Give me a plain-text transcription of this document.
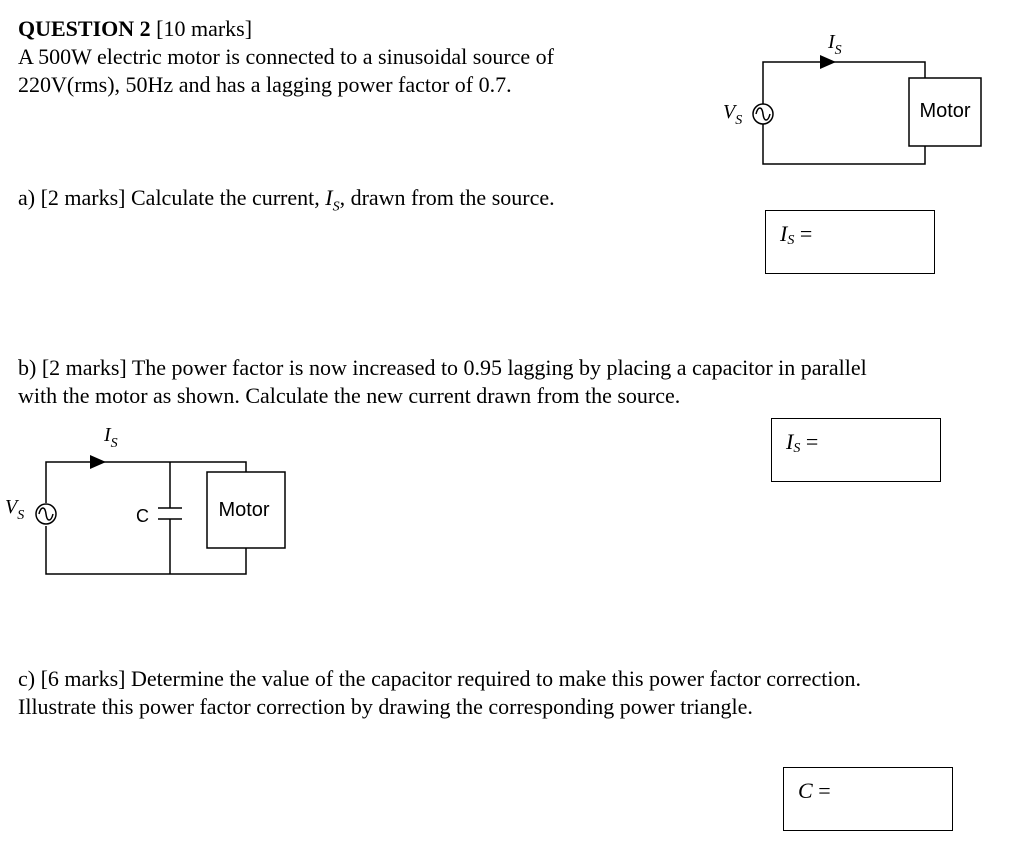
QUESTION 2 [10 marks]
A 500W electric motor is connected to a sinusoidal source of
220V(rms), 50Hz and has a lagging power factor of 0.7.
a) [2 marks] Calculate the current, $I_S$, drawn from the source.
$I_S$ =
b) [2 marks] The power factor is now increased to 0.95 lagging by placing a capacitor in parallel
with the motor as shown. Calculate the new current drawn from the source.
$I_S$ =
c) [6 marks] Determine the value of the capacitor required to make this power factor correction.
Illustrate this power factor correction by drawing the corresponding power triangle.
C =
$I_S$
$V_S$	Motor
$I_S$
$V_S$	C	Motor
